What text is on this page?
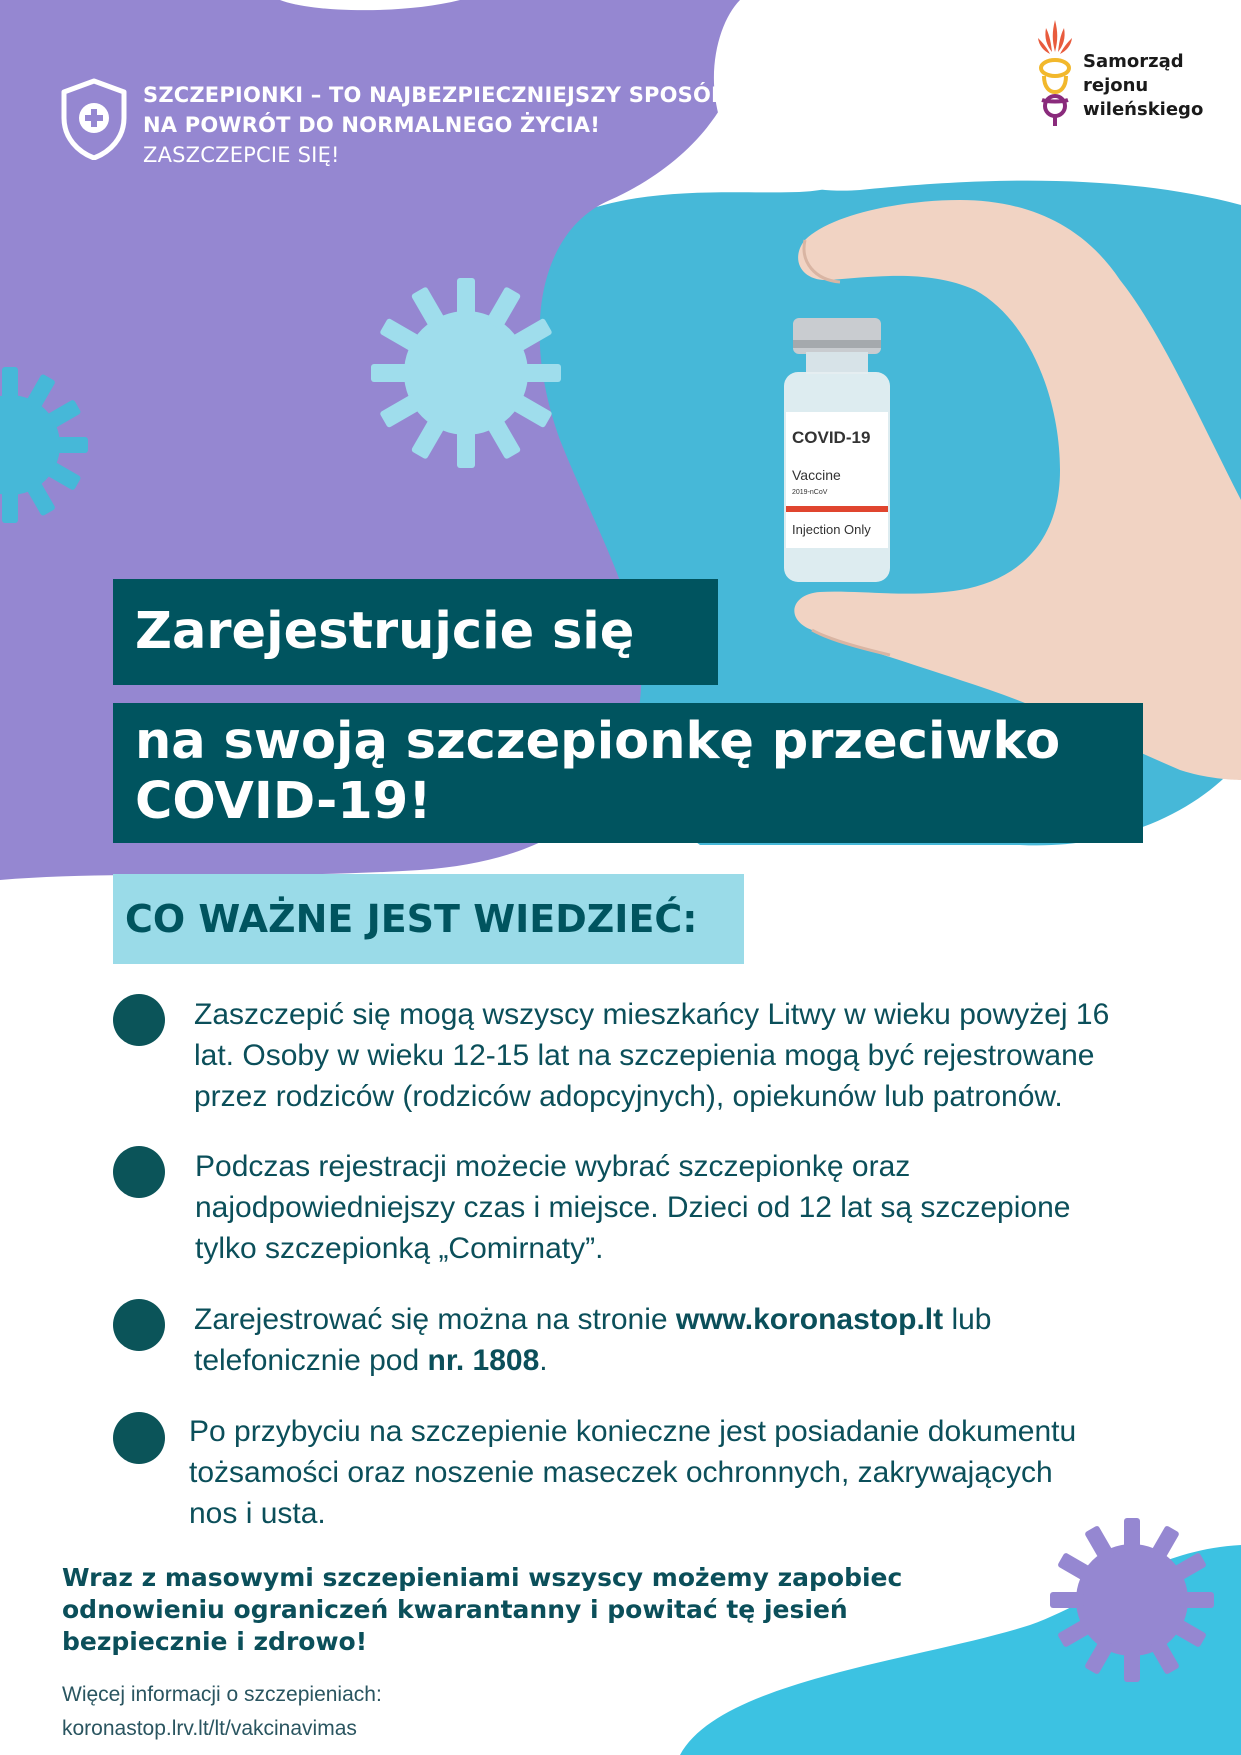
COVID-19
Vaccine
2019-nCoV
Injection Only
SZCZEPIONKI – TO NAJBEZPIECZNIEJSZY SPOSÓB
NA POWRÓT DO NORMALNEGO ŻYCIA!
ZASZCZEPCIE SIĘ!
Samorząd
rejonu
wileńskiego
Zarejestrujcie się
na swoją szczepionkę przeciwko
COVID-19!
CO WAŻNE JEST WIEDZIEĆ:
Zaszczepić się mogą wszyscy mieszkańcy Litwy w wieku powyżej 16
lat. Osoby w wieku 12-15 lat na szczepienia mogą być rejestrowane
przez rodziców (rodziców adopcyjnych), opiekunów lub patronów.
Podczas rejestracji możecie wybrać szczepionkę oraz
najodpowiedniejszy czas i miejsce. Dzieci od 12 lat są szczepione
tylko szczepionką „Comirnaty”.
Zarejestrować się można na stronie www.koronastop.lt lub
telefonicznie pod nr. 1808.
Po przybyciu na szczepienie konieczne jest posiadanie dokumentu
tożsamości oraz noszenie maseczek ochronnych, zakrywających
nos i usta.
Wraz z masowymi szczepieniami wszyscy możemy zapobiec
odnowieniu ograniczeń kwarantanny i powitać tę jesień
bezpiecznie i zdrowo!
Więcej informacji o szczepieniach:
koronastop.lrv.lt/lt/vakcinavimas
